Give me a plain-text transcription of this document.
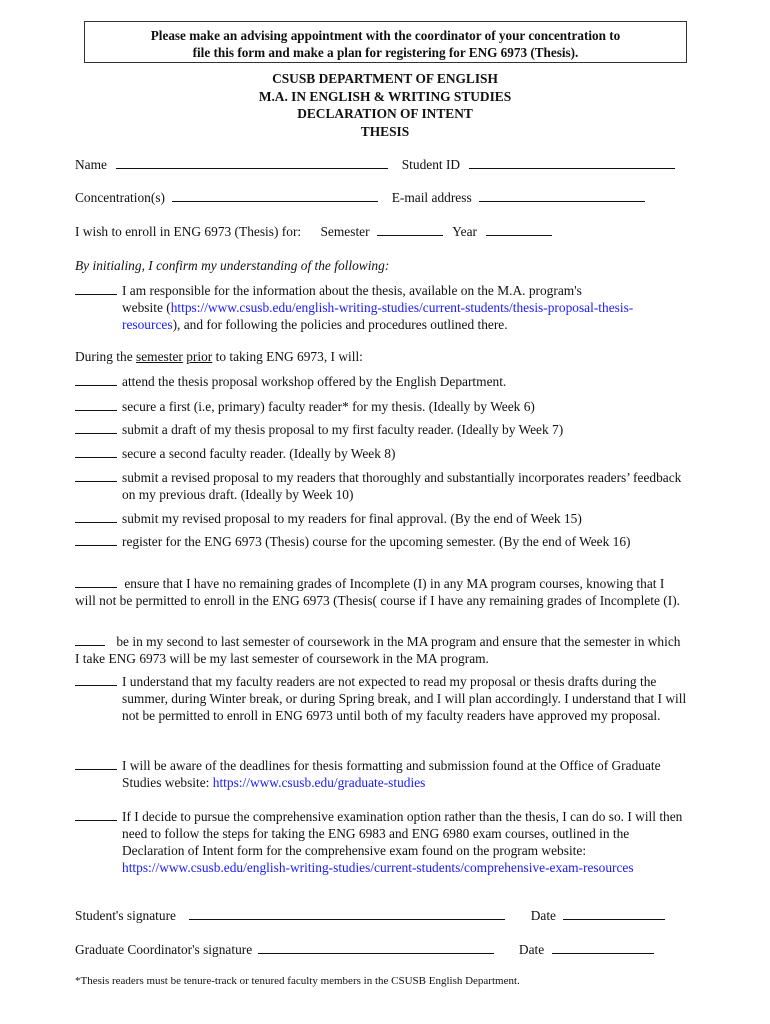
Please make an advising appointment with the coordinator of your concentration to
file this form and make a plan for registering for ENG 6973 (Thesis).
CSUSB DEPARTMENT OF ENGLISH
M.A. IN ENGLISH & WRITING STUDIES
DECLARATION OF INTENT
THESIS
Name	Student ID
Concentration(s)	E-mail address
I wish to enroll in ENG 6973 (Thesis) for: Semester	Year
By initialing, I confirm my understanding of the following:
I am responsible for the information about the thesis, available on the M.A. program's
website (https://www.csusb.edu/english-writing-studies/current-students/thesis-proposal-thesis-resources), and for following the policies and procedures outlined there.
During the semester prior to taking ENG 6973, I will:
attend the thesis proposal workshop offered by the English Department.
secure a first (i.e, primary) faculty reader* for my thesis. (Ideally by Week 6)
submit a draft of my thesis proposal to my first faculty reader. (Ideally by Week 7)
secure a second faculty reader. (Ideally by Week 8)
submit a revised proposal to my readers that thoroughly and substantially incorporates readers’ feedback on my previous draft. (Ideally by Week 10)
submit my revised proposal to my readers for final approval. (By the end of Week 15)
register for the ENG 6973 (Thesis) course for the upcoming semester. (By the end of Week 16)
ensure that I have no remaining grades of Incomplete (I) in any MA program courses, knowing that I will not be permitted to enroll in the ENG 6973 (Thesis( course if I have any remaining grades of Incomplete (I).
be in my second to last semester of coursework in the MA program and ensure that the semester in which I take ENG 6973 will be my last semester of coursework in the MA program.
I understand that my faculty readers are not expected to read my proposal or thesis drafts during the summer, during Winter break, or during Spring break, and I will plan accordingly. I understand that I will not be permitted to enroll in ENG 6973 until both of my faculty readers have approved my proposal.
I will be aware of the deadlines for thesis formatting and submission found at the Office of Graduate Studies website: https://www.csusb.edu/graduate-studies
If I decide to pursue the comprehensive examination option rather than the thesis, I can do so. I will then need to follow the steps for taking the ENG 6983 and ENG 6980 exam courses, outlined in the Declaration of Intent form for the comprehensive exam found on the program website: https://www.csusb.edu/english-writing-studies/current-students/comprehensive-exam-resources
Student's signature	Date
Graduate Coordinator's signature	Date
*Thesis readers must be tenure-track or tenured faculty members in the CSUSB English Department.
